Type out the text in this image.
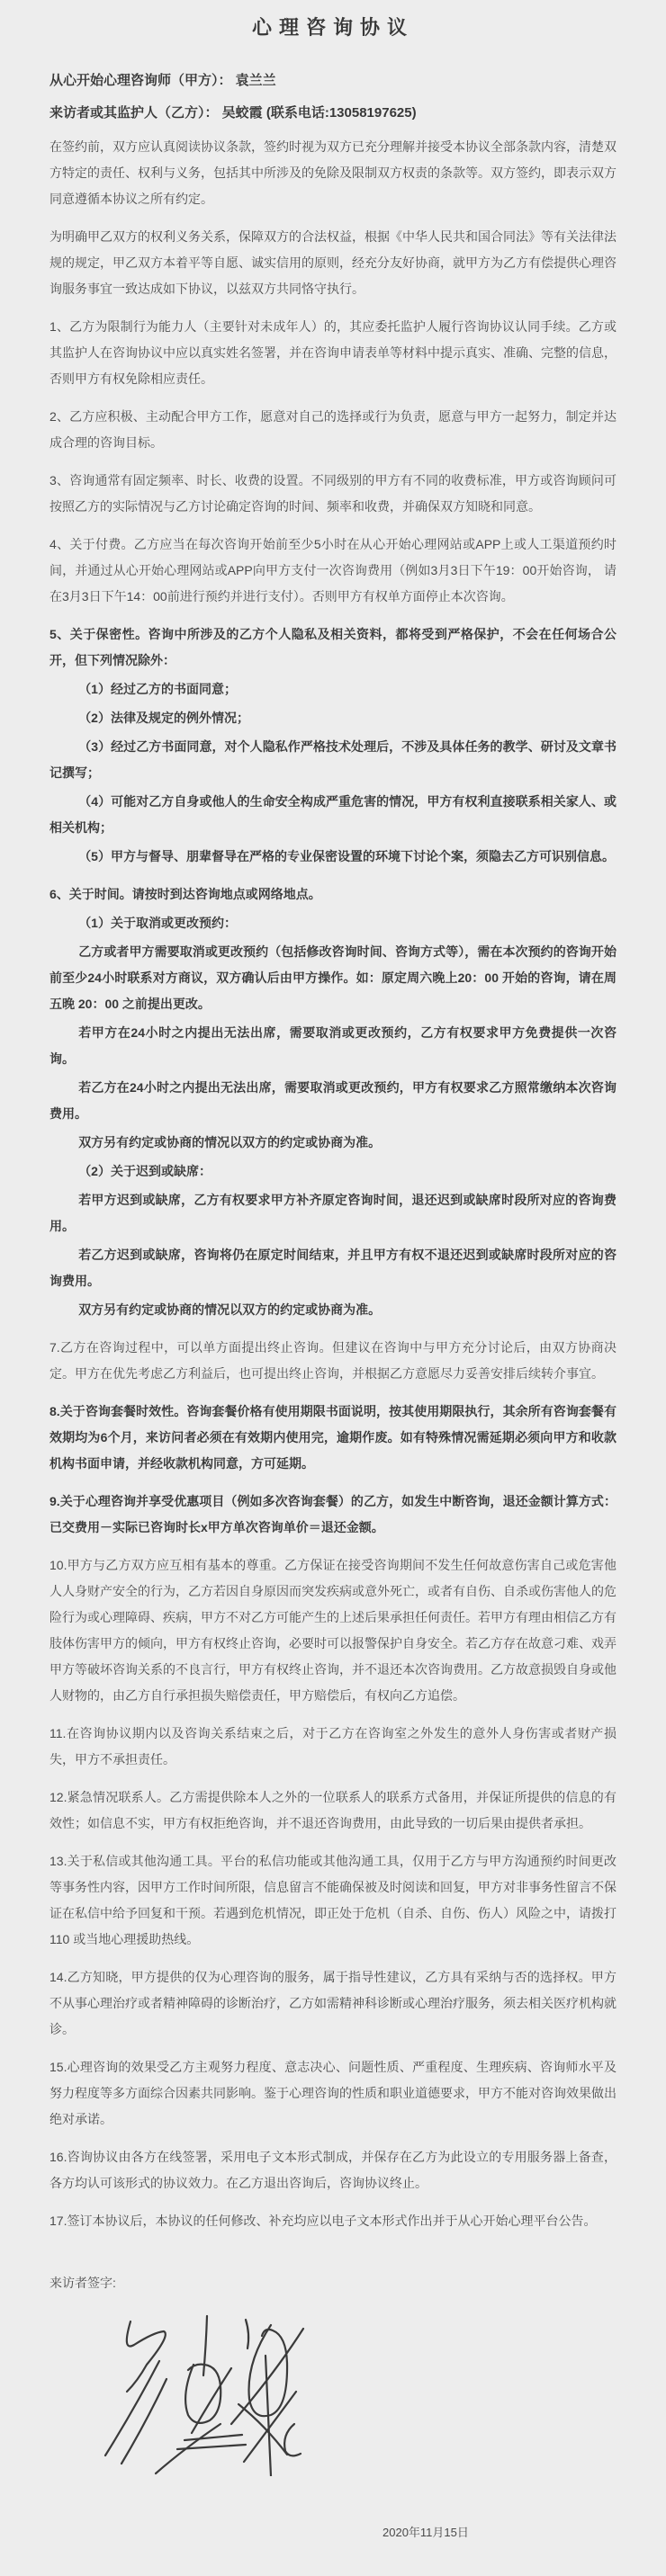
心理咨询协议

从心开始心理咨询师（甲方）： 袁兰兰

来访者或其监护人（乙方）： 吴蛟霞 (联系电话:13058197625)

在签约前，双方应认真阅读协议条款，签约时视为双方已充分理解并接受本协议全部条款内容，清楚双方特定的责任、权利与义务，包括其中所涉及的免除及限制双方权责的条款等。双方签约，即表示双方同意遵循本协议之所有约定。

为明确甲乙双方的权利义务关系，保障双方的合法权益，根据《中华人民共和国合同法》等有关法律法规的规定，甲乙双方本着平等自愿、诚实信用的原则，经充分友好协商，就甲方为乙方有偿提供心理咨询服务事宜一致达成如下协议，以兹双方共同恪守执行。

1、乙方为限制行为能力人（主要针对未成年人）的，其应委托监护人履行咨询协议认同手续。乙方或其监护人在咨询协议中应以真实姓名签署，并在咨询申请表单等材料中提示真实、准确、完整的信息，否则甲方有权免除相应责任。

2、乙方应积极、主动配合甲方工作，愿意对自己的选择或行为负责，愿意与甲方一起努力，制定并达成合理的咨询目标。

3、咨询通常有固定频率、时长、收费的设置。不同级别的甲方有不同的收费标准，甲方或咨询顾问可按照乙方的实际情况与乙方讨论确定咨询的时间、频率和收费，并确保双方知晓和同意。

4、关于付费。乙方应当在每次咨询开始前至少5小时在从心开始心理网站或APP上或人工渠道预约时间，并通过从心开始心理网站或APP向甲方支付一次咨询费用（例如3月3日下午19：00开始咨询， 请在3月3日下午14：00前进行预约并进行支付）。否则甲方有权单方面停止本次咨询。

5、关于保密性。咨询中所涉及的乙方个人隐私及相关资料，都将受到严格保护，不会在任何场合公开，但下列情况除外：

（1）经过乙方的书面同意；

（2）法律及规定的例外情况；

（3）经过乙方书面同意，对个人隐私作严格技术处理后，不涉及具体任务的教学、研讨及文章书记撰写；

（4）可能对乙方自身或他人的生命安全构成严重危害的情况，甲方有权利直接联系相关家人、或相关机构；

（5）甲方与督导、朋辈督导在严格的专业保密设置的环境下讨论个案，须隐去乙方可识别信息。

6、关于时间。请按时到达咨询地点或网络地点。

（1）关于取消或更改预约：

乙方或者甲方需要取消或更改预约（包括修改咨询时间、咨询方式等），需在本次预约的咨询开始前至少24小时联系对方商议，双方确认后由甲方操作。如：原定周六晚上20：00 开始的咨询，请在周五晚 20：00 之前提出更改。

若甲方在24小时之内提出无法出席，需要取消或更改预约，乙方有权要求甲方免费提供一次咨询。

若乙方在24小时之内提出无法出席，需要取消或更改预约，甲方有权要求乙方照常缴纳本次咨询费用。

双方另有约定或协商的情况以双方的约定或协商为准。

（2）关于迟到或缺席：

若甲方迟到或缺席，乙方有权要求甲方补齐原定咨询时间，退还迟到或缺席时段所对应的咨询费用。

若乙方迟到或缺席，咨询将仍在原定时间结束，并且甲方有权不退还迟到或缺席时段所对应的咨询费用。

双方另有约定或协商的情况以双方的约定或协商为准。

7.乙方在咨询过程中，可以单方面提出终止咨询。但建议在咨询中与甲方充分讨论后，由双方协商决定。甲方在优先考虑乙方利益后，也可提出终止咨询，并根据乙方意愿尽力妥善安排后续转介事宜。

8.关于咨询套餐时效性。咨询套餐价格有使用期限书面说明，按其使用期限执行，其余所有咨询套餐有效期均为6个月，来访问者必须在有效期内使用完，逾期作废。如有特殊情况需延期必须向甲方和收款机构书面申请，并经收款机构同意，方可延期。

9.关于心理咨询并享受优惠项目（例如多次咨询套餐）的乙方，如发生中断咨询，退还金额计算方式：已交费用－实际已咨询时长x甲方单次咨询单价＝退还金额。

10.甲方与乙方双方应互相有基本的尊重。乙方保证在接受咨询期间不发生任何故意伤害自己或危害他人人身财产安全的行为，乙方若因自身原因而突发疾病或意外死亡，或者有自伤、自杀或伤害他人的危险行为或心理障碍、疾病，甲方不对乙方可能产生的上述后果承担任何责任。若甲方有理由相信乙方有肢体伤害甲方的倾向，甲方有权终止咨询，必要时可以报警保护自身安全。若乙方存在故意刁难、戏弄甲方等破坏咨询关系的不良言行，甲方有权终止咨询，并不退还本次咨询费用。乙方故意损毁自身或他人财物的，由乙方自行承担损失赔偿责任，甲方赔偿后，有权向乙方追偿。

11.在咨询协议期内以及咨询关系结束之后，对于乙方在咨询室之外发生的意外人身伤害或者财产损失，甲方不承担责任。

12.紧急情况联系人。乙方需提供除本人之外的一位联系人的联系方式备用，并保证所提供的信息的有效性；如信息不实，甲方有权拒绝咨询，并不退还咨询费用，由此导致的一切后果由提供者承担。

13.关于私信或其他沟通工具。平台的私信功能或其他沟通工具，仅用于乙方与甲方沟通预约时间更改等事务性内容，因甲方工作时间所限，信息留言不能确保被及时阅读和回复，甲方对非事务性留言不保证在私信中给予回复和干预。若遇到危机情况，即正处于危机（自杀、自伤、伤人）风险之中，请拨打 110 或当地心理援助热线。

14.乙方知晓，甲方提供的仅为心理咨询的服务，属于指导性建议，乙方具有采纳与否的选择权。甲方不从事心理治疗或者精神障碍的诊断治疗，乙方如需精神科诊断或心理治疗服务，须去相关医疗机构就诊。

15.心理咨询的效果受乙方主观努力程度、意志决心、问题性质、严重程度、生理疾病、咨询师水平及努力程度等多方面综合因素共同影响。鉴于心理咨询的性质和职业道德要求，甲方不能对咨询效果做出绝对承诺。

16.咨询协议由各方在线签署，采用电子文本形式制成，并保存在乙方为此设立的专用服务器上备查，各方均认可该形式的协议效力。在乙方退出咨询后，咨询协议终止。

17.签订本协议后，本协议的任何修改、补充均应以电子文本形式作出并于从心开始心理平台公告。

来访者签字:

2020年11月15日
